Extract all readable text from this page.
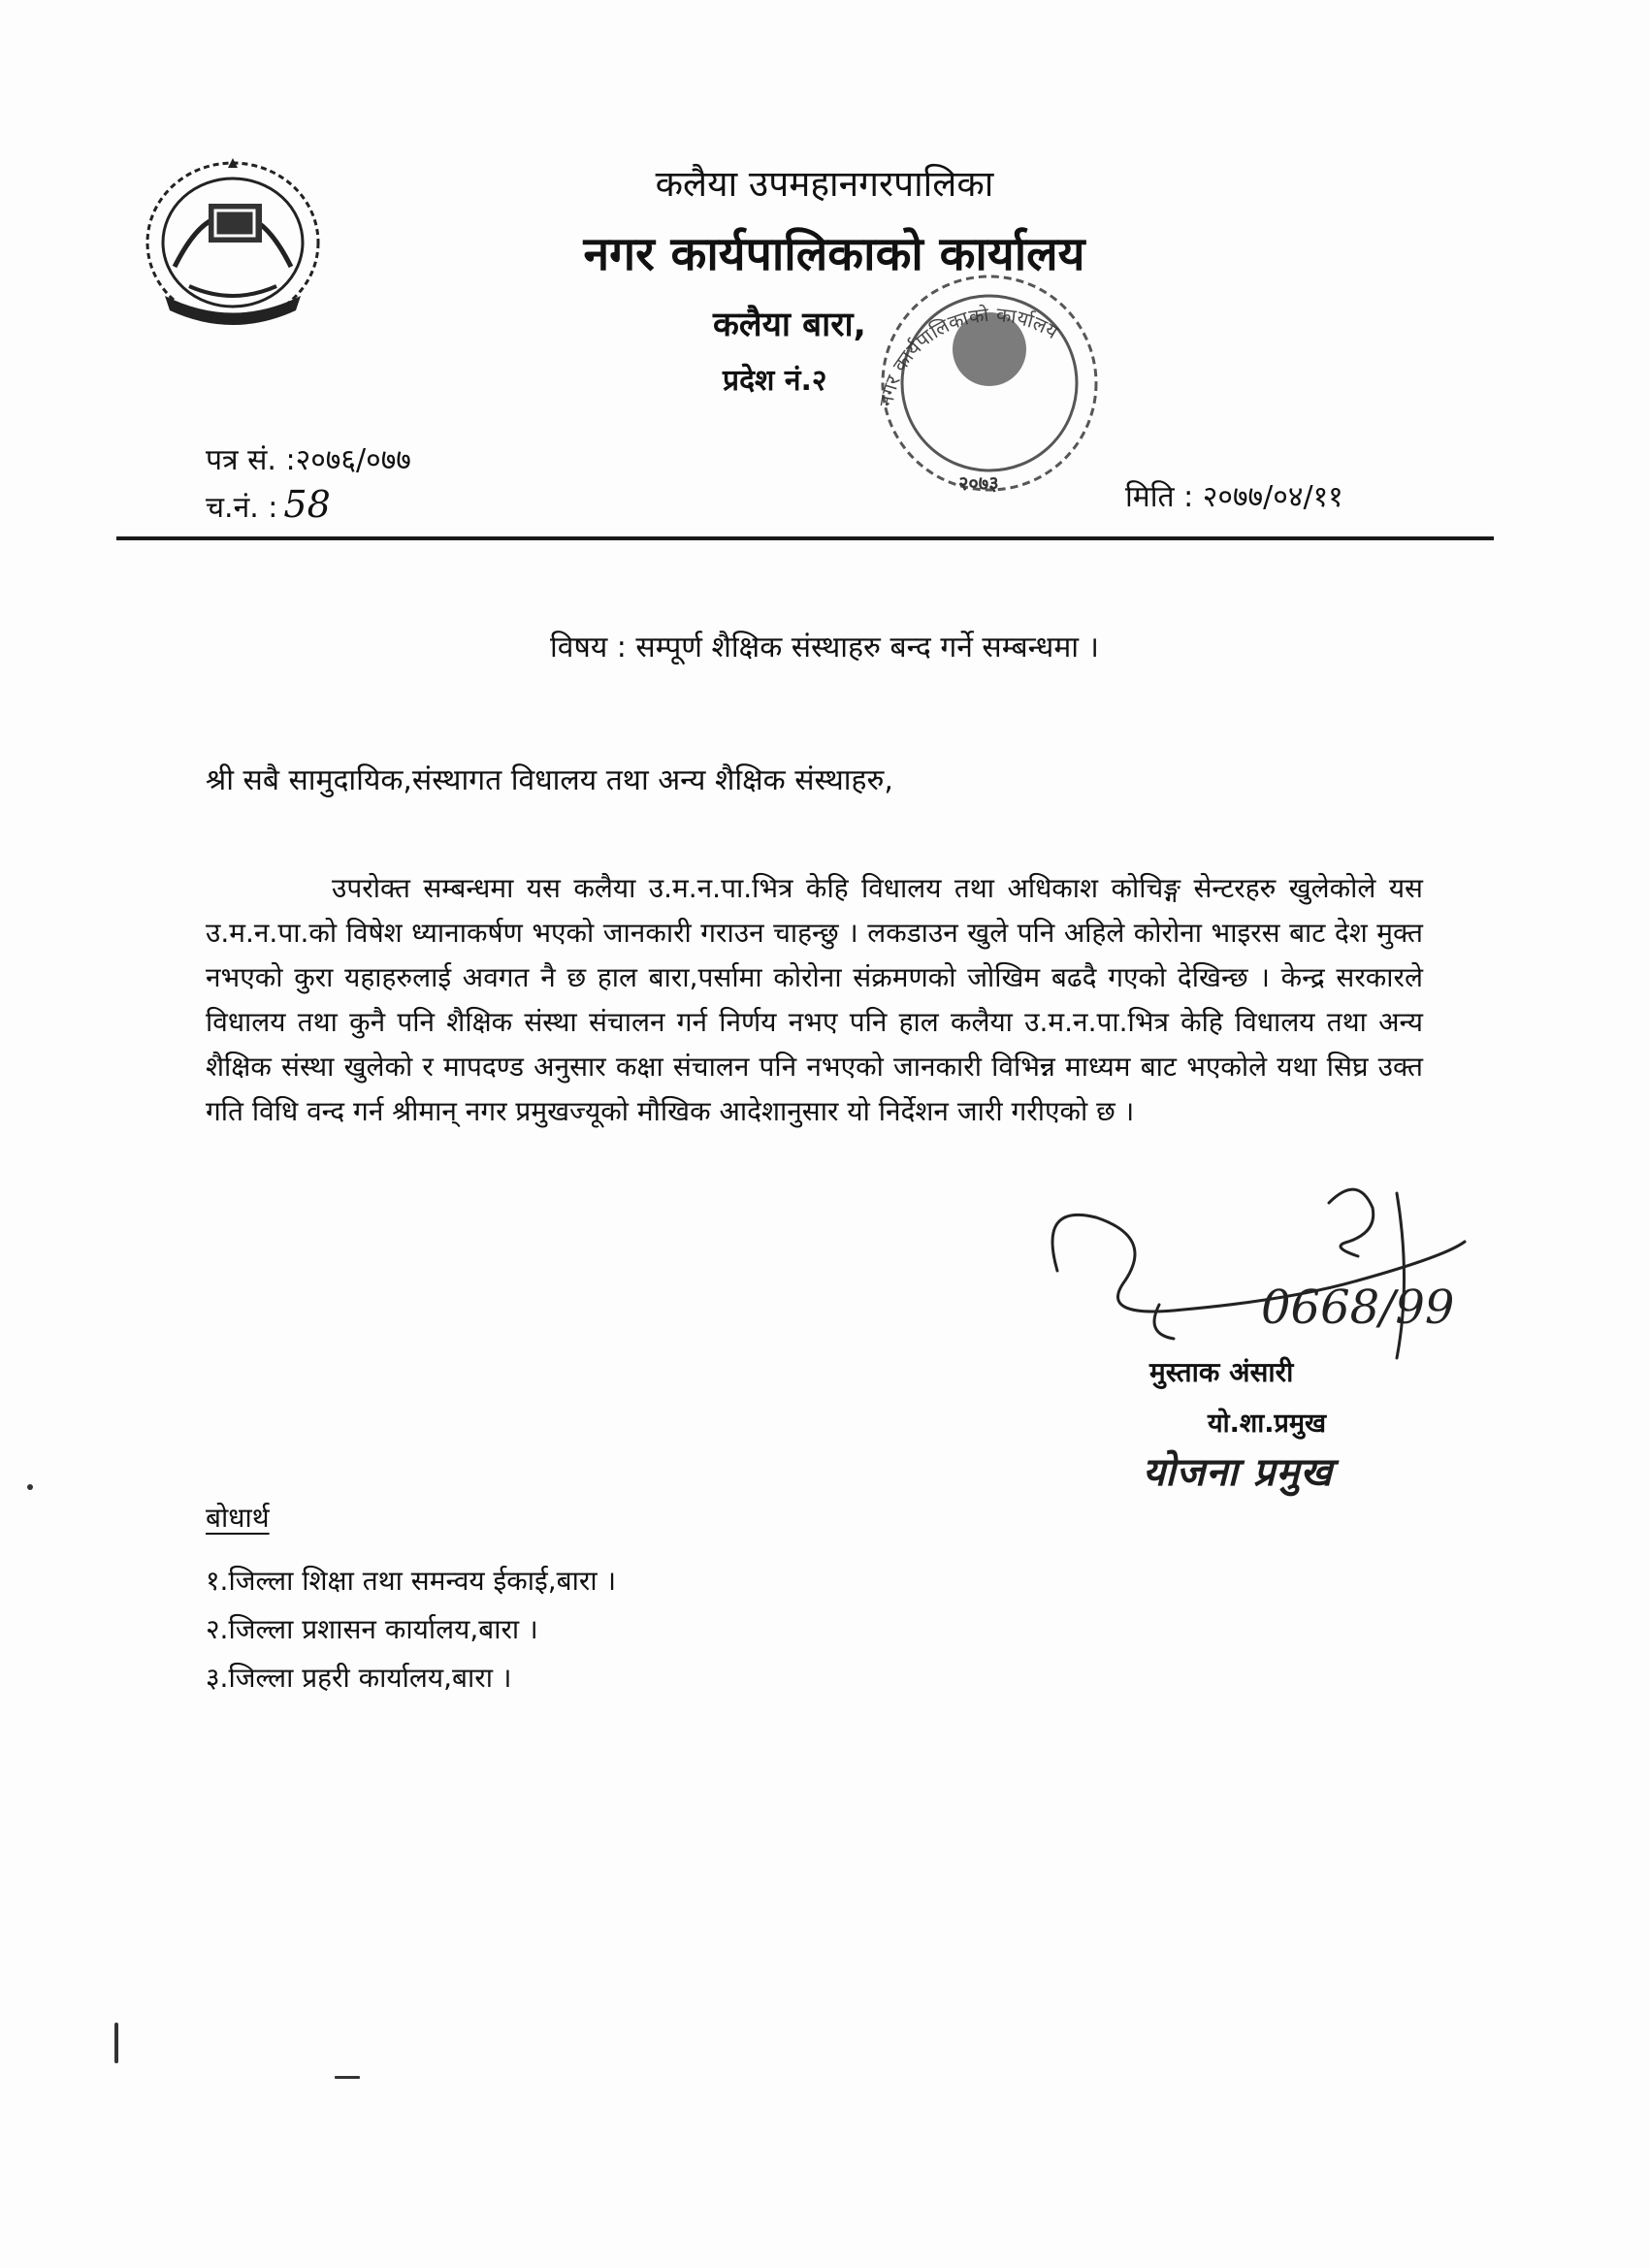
कलैया उपमहानगरपालिका
नगर कार्यपालिकाको कार्यालय
कलैया बारा,
प्रदेश नं.२
नगर कार्यपालिकाको कार्यालय
२०७३
पत्र सं. :२०७६/०७७
च.नं. : 58	मिति : २०७७/०४/११
विषय : सम्पूर्ण शैक्षिक संस्थाहरु बन्द गर्ने सम्बन्धमा ।
श्री सबै सामुदायिक,संस्थागत विधालय तथा अन्य शैक्षिक संस्थाहरु,
उपरोक्त सम्बन्धमा यस कलैया उ.म.न.पा.भित्र केहि विधालय तथा अधिकाश कोचिङ्ग सेन्टरहरु खुलेकोले यस उ.म.न.पा.को विषेश ध्यानाकर्षण भएको जानकारी गराउन चाहन्छु । लकडाउन खुले पनि अहिले कोरोना भाइरस बाट देश मुक्त नभएको कुरा यहाहरुलाई अवगत नै छ हाल बारा,पर्सामा कोरोना संक्रमणको जोखिम बढदै गएको देखिन्छ । केन्द्र सरकारले विधालय तथा कुनै पनि शैक्षिक संस्था संचालन गर्न निर्णय नभए पनि हाल कलैया उ.म.न.पा.भित्र केहि विधालय तथा अन्य शैक्षिक संस्था खुलेको र मापदण्ड अनुसार कक्षा संचालन पनि नभएको जानकारी विभिन्न माध्यम बाट भएकोले यथा सिघ्र उक्त गति विधि वन्द गर्न श्रीमान् नगर प्रमुखज्यूको मौखिक आदेशानुसार यो निर्देशन जारी गरीएको छ ।
0668/99
मुस्ताक अंसारी
यो.शा.प्रमुख
योजना प्रमुख
बोधार्थ
१.जिल्ला शिक्षा तथा समन्वय ईकाई,बारा ।
२.जिल्ला प्रशासन कार्यालय,बारा ।
३.जिल्ला प्रहरी कार्यालय,बारा ।
